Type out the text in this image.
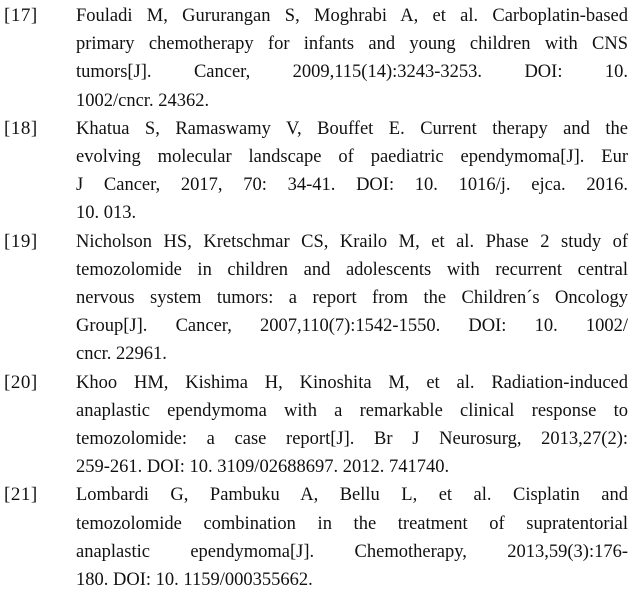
[17] Fouladi M, Gururangan S, Moghrabi A, et al. Carboplatin-based
primary chemotherapy for infants and young children with CNS
tumors[J]. Cancer, 2009,115(14):3243-3253. DOI: 10.
1002/cncr. 24362.
[18] Khatua S, Ramaswamy V, Bouffet E. Current therapy and the
evolving molecular landscape of paediatric ependymoma[J]. Eur
J Cancer, 2017, 70: 34-41. DOI: 10. 1016/j. ejca. 2016.
10. 013.
[19] Nicholson HS, Kretschmar CS, Krailo M, et al. Phase 2 study of
temozolomide in children and adolescents with recurrent central
nervous system tumors: a report from the Children´s Oncology
Group[J]. Cancer, 2007,110(7):1542-1550. DOI: 10. 1002/
cncr. 22961.
[20] Khoo HM, Kishima H, Kinoshita M, et al. Radiation-induced
anaplastic ependymoma with a remarkable clinical response to
temozolomide: a case report[J]. Br J Neurosurg, 2013,27(2):
259-261. DOI: 10. 3109/02688697. 2012. 741740.
[21] Lombardi G, Pambuku A, Bellu L, et al. Cisplatin and
temozolomide combination in the treatment of supratentorial
anaplastic ependymoma[J]. Chemotherapy, 2013,59(3):176-
180. DOI: 10. 1159/000355662.
